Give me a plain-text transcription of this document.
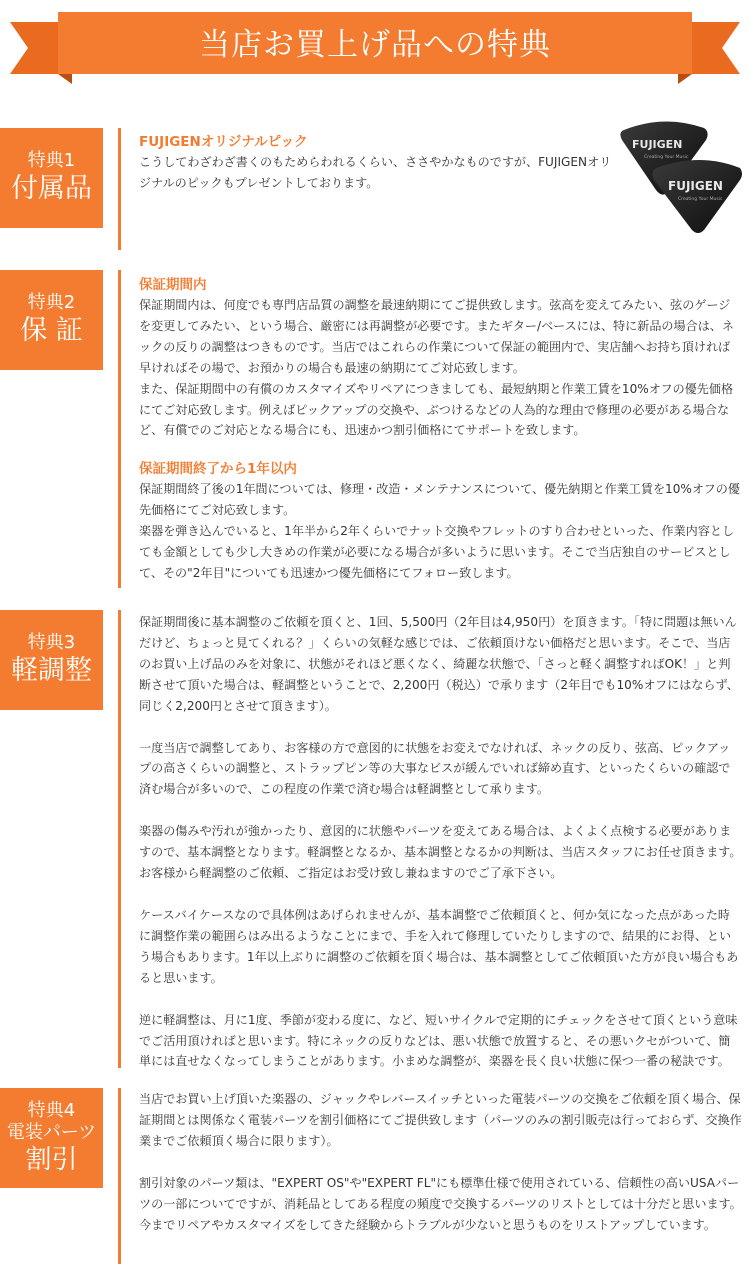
当店お買上げ品への特典
特典1
付属品

FUJIGENオリジナルピック

こうしてわざわざ書くのもためらわれるくらい、ささやかなものですが、FUJIGENオリジナルのピックもプレゼントしております。

FUJIGEN
Creating Your Music
FUJIGEN
Creating Your Music
特典2
保 証

保証期間内

保証期間内は、何度でも専門店品質の調整を最速納期にてご提供致します。弦高を変えてみたい、弦のゲージを変更してみたい、という場合、厳密には再調整が必要です。またギター/ベースには、特に新品の場合は、ネックの反りの調整はつきものです。当店ではこれらの作業について保証の範囲内で、実店舗へお持ち頂ければ早ければその場で、お預かりの場合も最速の納期にてご対応致します。

また、保証期間中の有償のカスタマイズやリペアにつきましても、最短納期と作業工賃を10%オフの優先価格にてご対応致します。例えばピックアップの交換や、ぶつけるなどの人為的な理由で修理の必要がある場合など、有償でのご対応となる場合にも、迅速かつ割引価格にてサポートを致します。

保証期間終了から1年以内

保証期間終了後の1年間については、修理・改造・メンテナンスについて、優先納期と作業工賃を10%オフの優先価格にてご対応致します。

楽器を弾き込んでいると、1年半から2年くらいでナット交換やフレットのすり合わせといった、作業内容としても金額としても少し大きめの作業が必要になる場合が多いように思います。そこで当店独自のサービスとして、その"2年目"についても迅速かつ優先価格にてフォロー致します。

特典3
軽調整

保証期間後に基本調整のご依頼を頂くと、1回、5,500円（2年目は4,950円）を頂きます。「特に問題は無いんだけど、ちょっと見てくれる？」くらいの気軽な感じでは、ご依頼頂けない価格だと思います。そこで、当店のお買い上げ品のみを対象に、状態がそれほど悪くなく、綺麗な状態で、「さっと軽く調整すればOK！」と判断させて頂いた場合は、軽調整ということで、2,200円（税込）で承ります（2年目でも10%オフにはならず、同じく2,200円とさせて頂きます）。

一度当店で調整してあり、お客様の方で意図的に状態をお変えでなければ、ネックの反り、弦高、ピックアップの高さくらいの調整と、ストラップピン等の大事なビスが緩んでいれば締め直す、といったくらいの確認で済む場合が多いので、この程度の作業で済む場合は軽調整として承ります。

楽器の傷みや汚れが強かったり、意図的に状態やパーツを変えてある場合は、よくよく点検する必要がありますので、基本調整となります。軽調整となるか、基本調整となるかの判断は、当店スタッフにお任せ頂きます。お客様から軽調整のご依頼、ご指定はお受け致し兼ねますのでご了承下さい。

ケースバイケースなので具体例はあげられませんが、基本調整でご依頼頂くと、何か気になった点があった時に調整作業の範囲らはみ出るようなことにまで、手を入れて修理していたりしますので、結果的にお得、という場合もあります。1年以上ぶりに調整のご依頼を頂く場合は、基本調整としてご依頼頂いた方が良い場合もあると思います。

逆に軽調整は、月に1度、季節が変わる度に、など、短いサイクルで定期的にチェックをさせて頂くという意味でご活用頂ければと思います。特にネックの反りなどは、悪い状態で放置すると、その悪いクセがついて、簡単には直せなくなってしまうことがあります。小まめな調整が、楽器を長く良い状態に保つ一番の秘訣です。

特典4
電装パーツ
割引

当店でお買い上げ頂いた楽器の、ジャックやレバースイッチといった電装パーツの交換をご依頼を頂く場合、保証期間とは関係なく電装パーツを割引価格にてご提供致します（パーツのみの割引販売は行っておらず、交換作業までご依頼頂く場合に限ります）。

割引対象のパーツ類は、"EXPERT OS"や"EXPERT FL"にも標準仕様で使用されている、信頼性の高いUSAパーツの一部についてですが、消耗品としてある程度の頻度で交換するパーツのリストとしては十分だと思います。今までリペアやカスタマイズをしてきた経験からトラブルが少ないと思うものをリストアップしています。
